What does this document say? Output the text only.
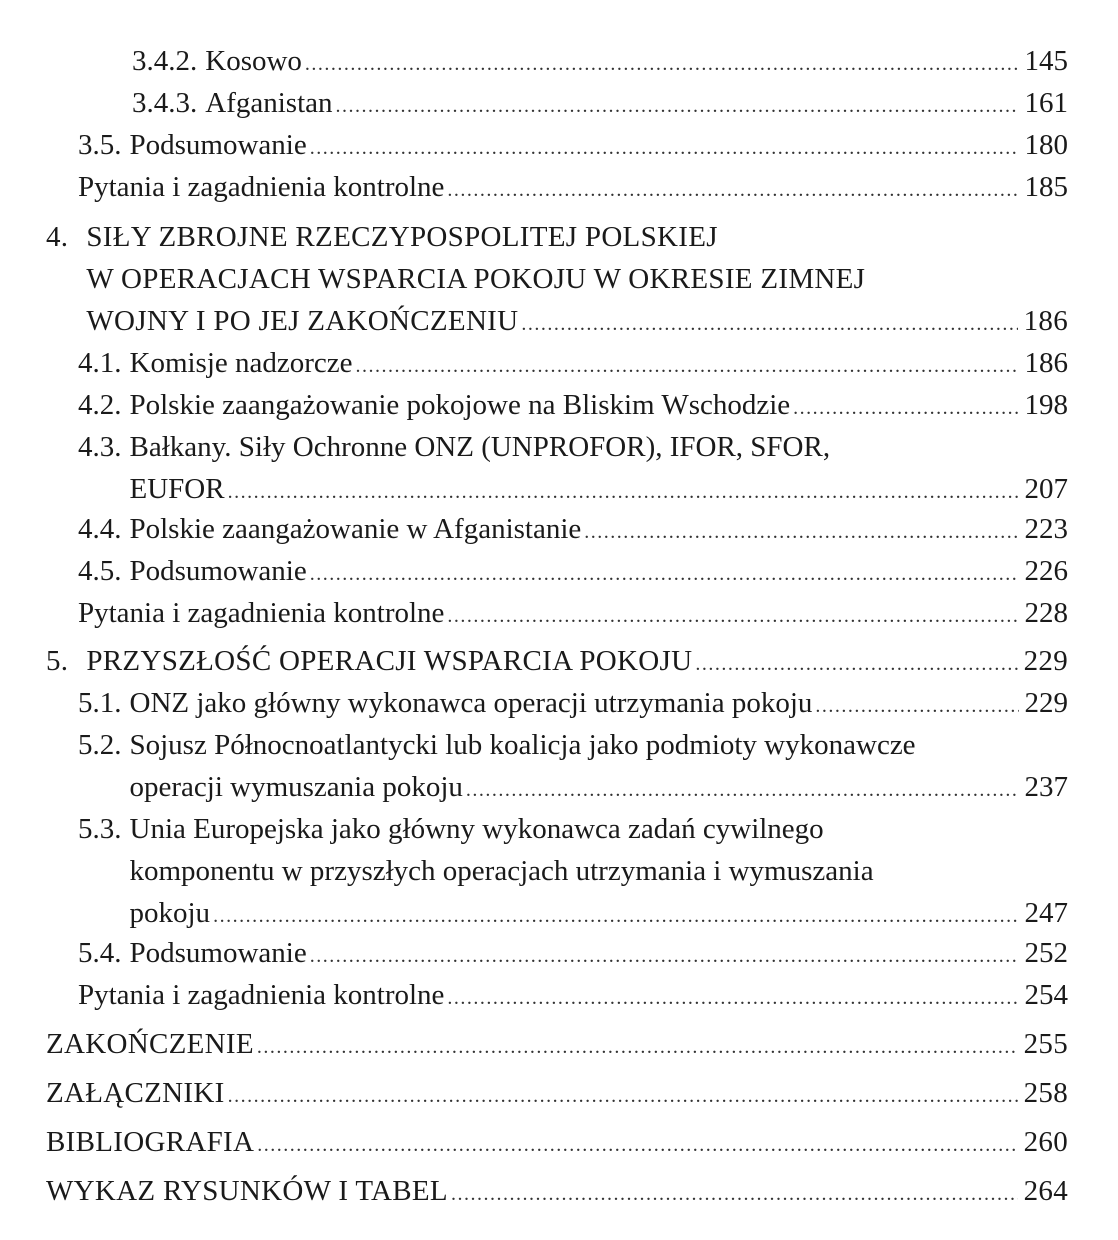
3.4.2. Kosowo .....	145
3.4.3. Afganistan .....	161
3.5. Podsumowanie .....	180
Pytania i zagadnienia kontrolne .....	185
4. SIŁY ZBROJNE RZECZYPOSPOLITEJ POLSKIEJ
W OPERACJACH WSPARCIA POKOJU W OKRESIE ZIMNEJ
WOJNY I PO JEJ ZAKOŃCZENIU .....	186
4.1. Komisje nadzorcze .....	186
4.2. Polskie zaangażowanie pokojowe na Bliskim Wschodzie .....	198
4.3. Bałkany. Siły Ochronne ONZ (UNPROFOR), IFOR, SFOR,
EUFOR .....	207
4.4. Polskie zaangażowanie w Afganistanie .....	223
4.5. Podsumowanie .....	226
Pytania i zagadnienia kontrolne .....	228
5. PRZYSZŁOŚĆ OPERACJI WSPARCIA POKOJU .....	229
5.1. ONZ jako główny wykonawca operacji utrzymania pokoju .....	229
5.2. Sojusz Północnoatlantycki lub koalicja jako podmioty wykonawcze
operacji wymuszania pokoju .....	237
5.3. Unia Europejska jako główny wykonawca zadań cywilnego
komponentu w przyszłych operacjach utrzymania i wymuszania
pokoju .....	247
5.4. Podsumowanie .....	252
Pytania i zagadnienia kontrolne .....	254
ZAKOŃCZENIE .....	255
ZAŁĄCZNIKI .....	258
BIBLIOGRAFIA .....	260
WYKAZ RYSUNKÓW I TABEL .....	264
